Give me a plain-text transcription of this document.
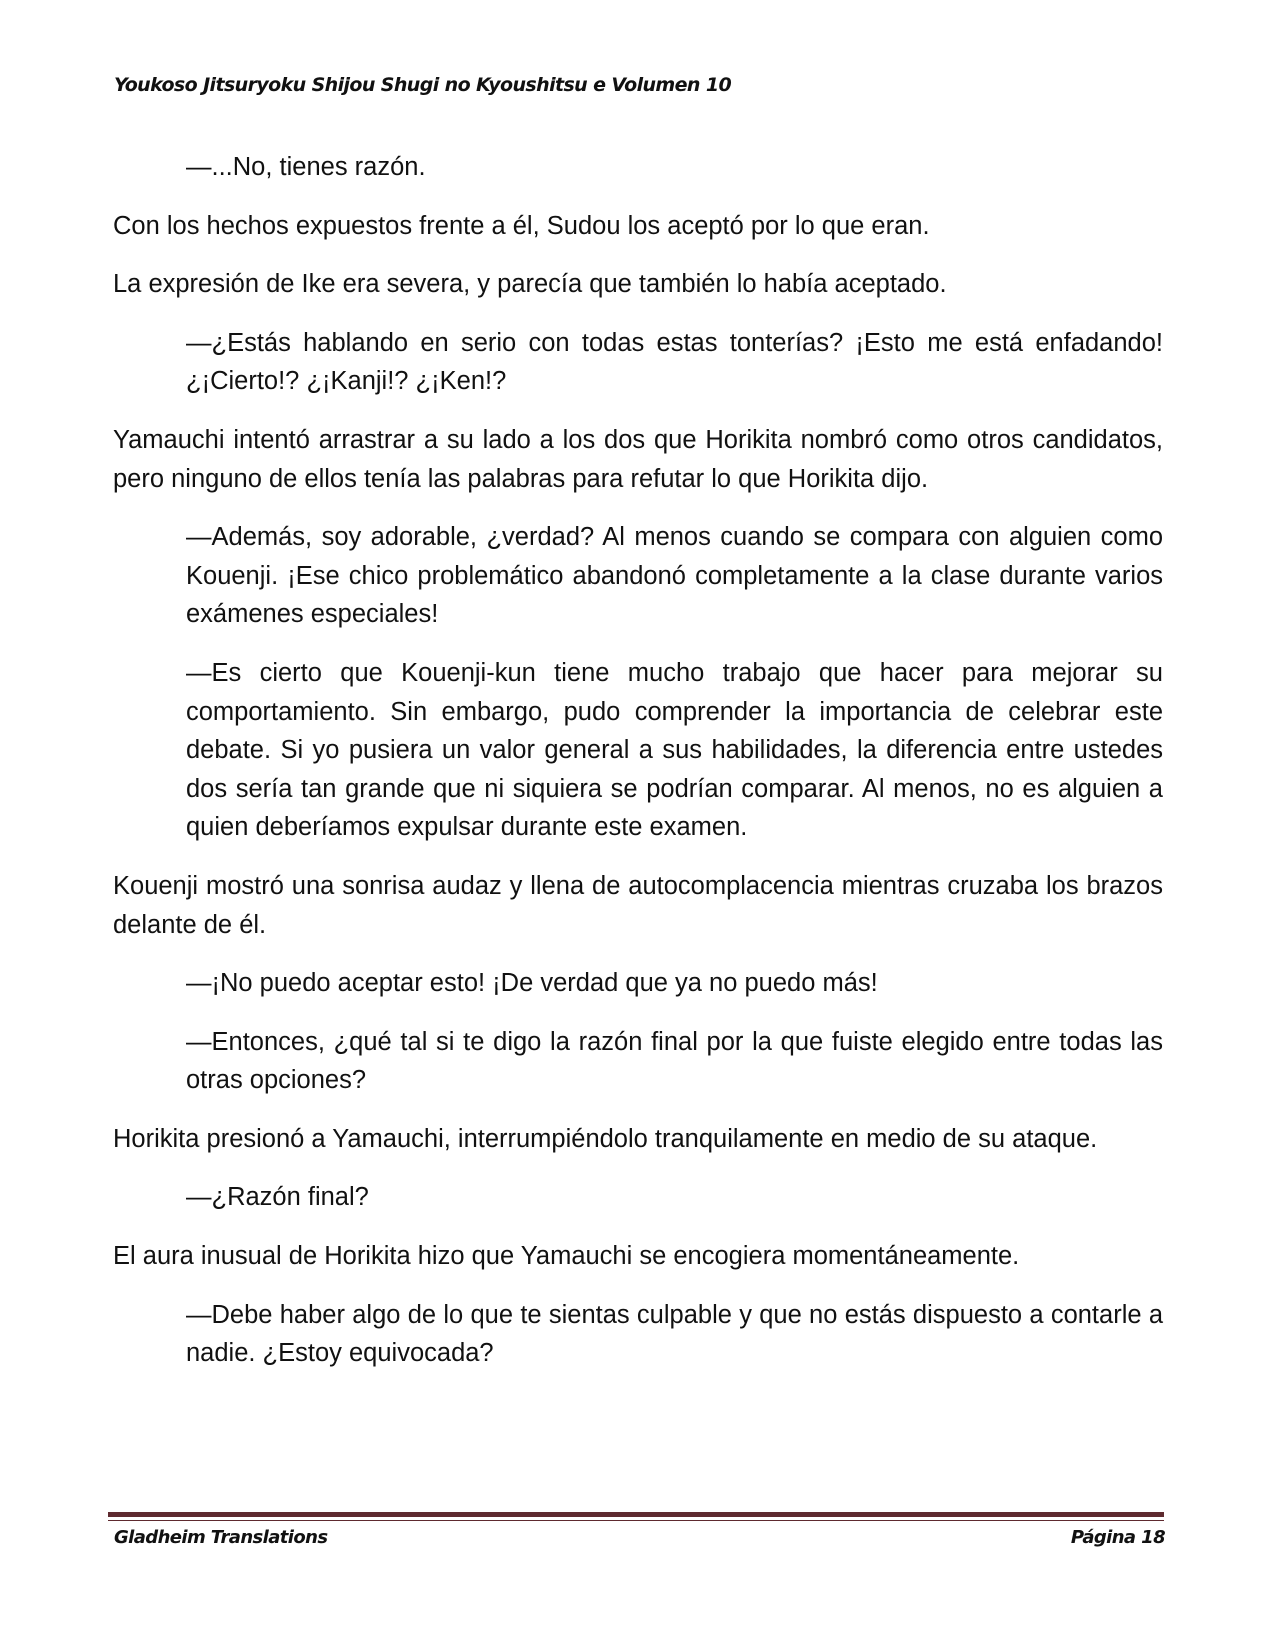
Youkoso Jitsuryoku Shijou Shugi no Kyoushitsu e Volumen 10

—...No, tienes razón.

Con los hechos expuestos frente a él, Sudou los aceptó por lo que eran.

La expresión de Ike era severa, y parecía que también lo había aceptado.

—¿Estás hablando en serio con todas estas tonterías? ¡Esto me está enfadando! ¿¡Cierto!? ¿¡Kanji!? ¿¡Ken!?

Yamauchi intentó arrastrar a su lado a los dos que Horikita nombró como otros candidatos, pero ninguno de ellos tenía las palabras para refutar lo que Horikita dijo.

—Además, soy adorable, ¿verdad? Al menos cuando se compara con alguien como Kouenji. ¡Ese chico problemático abandonó completamente a la clase durante varios exámenes especiales!

—Es cierto que Kouenji-kun tiene mucho trabajo que hacer para mejorar su comportamiento. Sin embargo, pudo comprender la importancia de celebrar este debate. Si yo pusiera un valor general a sus habilidades, la diferencia entre ustedes dos sería tan grande que ni siquiera se podrían comparar. Al menos, no es alguien a quien deberíamos expulsar durante este examen.

Kouenji mostró una sonrisa audaz y llena de autocomplacencia mientras cruzaba los brazos delante de él.

—¡No puedo aceptar esto! ¡De verdad que ya no puedo más!

—Entonces, ¿qué tal si te digo la razón final por la que fuiste elegido entre todas las otras opciones?

Horikita presionó a Yamauchi, interrumpiéndolo tranquilamente en medio de su ataque.

—¿Razón final?

El aura inusual de Horikita hizo que Yamauchi se encogiera momentáneamente.

—Debe haber algo de lo que te sientas culpable y que no estás dispuesto a contarle a nadie. ¿Estoy equivocada?

Gladheim Translations	Página 18
